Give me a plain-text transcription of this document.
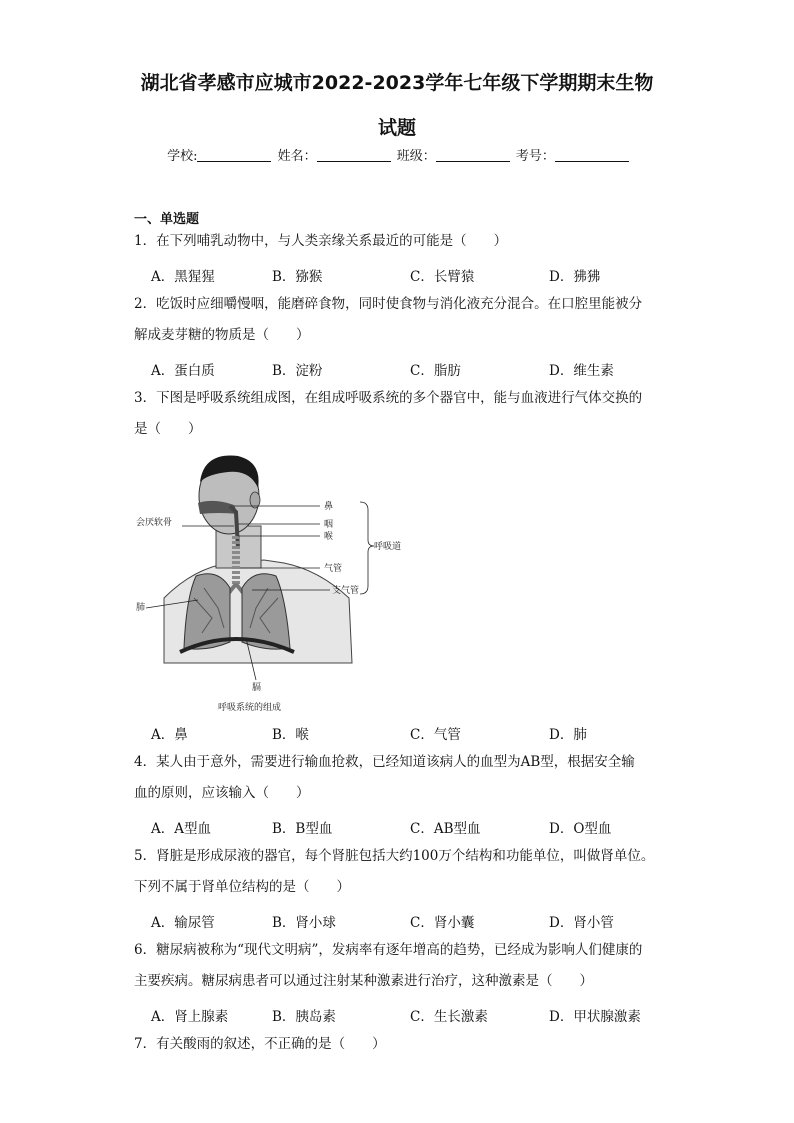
湖北省孝感市应城市2022-2023学年七年级下学期期末生物
试题
学校:	姓名：	班级：	考号：
一、单选题
1．在下列哺乳动物中，与人类亲缘关系最近的可能是（　　）
A．黑猩猩	B．猕猴	C．长臂猿	D．狒狒
2．吃饭时应细嚼慢咽，能磨碎食物，同时使食物与消化液充分混合。在口腔里能被分
解成麦芽糖的物质是（　　）
A．蛋白质	B．淀粉	C．脂肪	D．维生素
3．下图是呼吸系统组成图，在组成呼吸系统的多个器官中，能与血液进行气体交换的
是（　　）
鼻
咽
喉
气管
支气管
呼吸道
会厌软骨
肺
膈
呼吸系统的组成
A．鼻	B．喉	C．气管	D．肺
4．某人由于意外，需要进行输血抢救，已经知道该病人的血型为AB型，根据安全输
血的原则，应该输入（　　）
A．A型血	B．B型血	C．AB型血	D．O型血
5．肾脏是形成尿液的器官，每个肾脏包括大约100万个结构和功能单位，叫做肾单位。
下列不属于肾单位结构的是（　　）
A．输尿管	B．肾小球	C．肾小囊	D．肾小管
6．糖尿病被称为“现代文明病”，发病率有逐年增高的趋势，已经成为影响人们健康的
主要疾病。糖尿病患者可以通过注射某种激素进行治疗，这种激素是（　　）
A．肾上腺素	B．胰岛素	C．生长激素	D．甲状腺激素
7．有关酸雨的叙述，不正确的是（　　）
